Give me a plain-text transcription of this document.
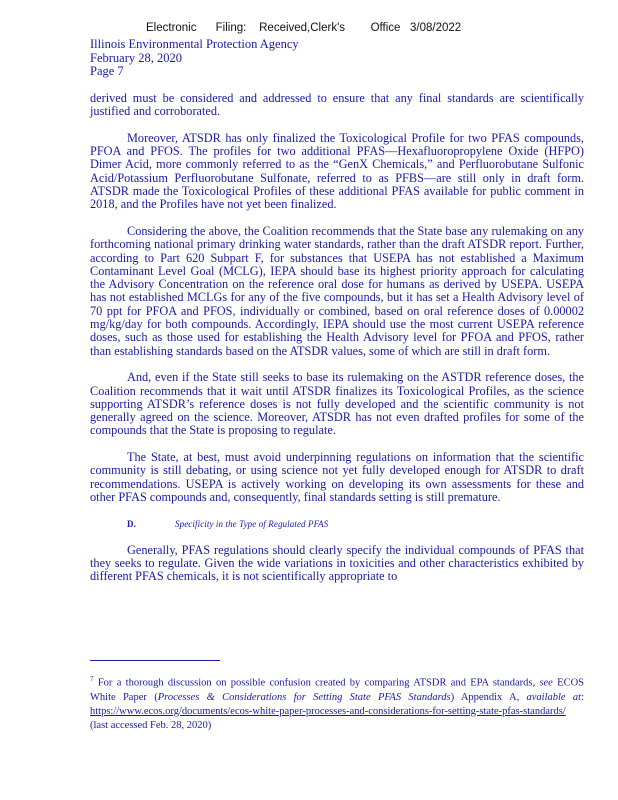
Electronic      Filing:    Received,Clerk's        Office   3/08/2022
Illinois Environmental Protection Agency
February 28, 2020
Page 7

derived must be considered and addressed to ensure that any final standards are scientifically justified and corroborated.

Moreover, ATSDR has only finalized the Toxicological Profile for two PFAS compounds, PFOA and PFOS. The profiles for two additional PFAS—Hexafluoropropylene Oxide (HFPO) Dimer Acid, more commonly referred to as the “GenX Chemicals,” and Perfluorobutane Sulfonic Acid/Potassium Perfluorobutane Sulfonate, referred to as PFBS—are still only in draft form. ATSDR made the Toxicological Profiles of these additional PFAS available for public comment in 2018, and the Profiles have not yet been finalized.

Considering the above, the Coalition recommends that the State base any rulemaking on any forthcoming national primary drinking water standards, rather than the draft ATSDR report. Further, according to Part 620 Subpart F, for substances that USEPA has not established a Maximum Contaminant Level Goal (MCLG), IEPA should base its highest priority approach for calculating the Advisory Concentration on the reference oral dose for humans as derived by USEPA. USEPA has not established MCLGs for any of the five compounds, but it has set a Health Advisory level of 70 ppt for PFOA and PFOS, individually or combined, based on oral reference doses of 0.00002 mg/kg/day for both compounds. Accordingly, IEPA should use the most current USEPA reference doses, such as those used for establishing the Health Advisory level for PFOA and PFOS, rather than establishing standards based on the ATSDR values, some of which are still in draft form.

And, even if the State still seeks to base its rulemaking on the ASTDR reference doses, the Coalition recommends that it wait until ATSDR finalizes its Toxicological Profiles, as the science supporting ATSDR’s reference doses is not fully developed and the scientific community is not generally agreed on the science. Moreover, ATSDR has not even drafted profiles for some of the compounds that the State is proposing to regulate.

The State, at best, must avoid underpinning regulations on information that the scientific community is still debating, or using science not yet fully developed enough for ATSDR to draft recommendations. USEPA is actively working on developing its own assessments for these and other PFAS compounds and, consequently, final standards setting is still premature.

D.	Specificity in the Type of Regulated PFAS

Generally, PFAS regulations should clearly specify the individual compounds of PFAS that they seeks to regulate. Given the wide variations in toxicities and other characteristics exhibited by different PFAS chemicals, it is not scientifically appropriate to

$^7$ For a thorough discussion on possible confusion created by comparing ATSDR and EPA standards, see ECOS White Paper (Processes & Considerations for Setting State PFAS Standards) Appendix A, available at: https://www.ecos.org/documents/ecos-white-paper-processes-and-considerations-for-setting-state-pfas-standards/ (last accessed Feb. 28, 2020)
